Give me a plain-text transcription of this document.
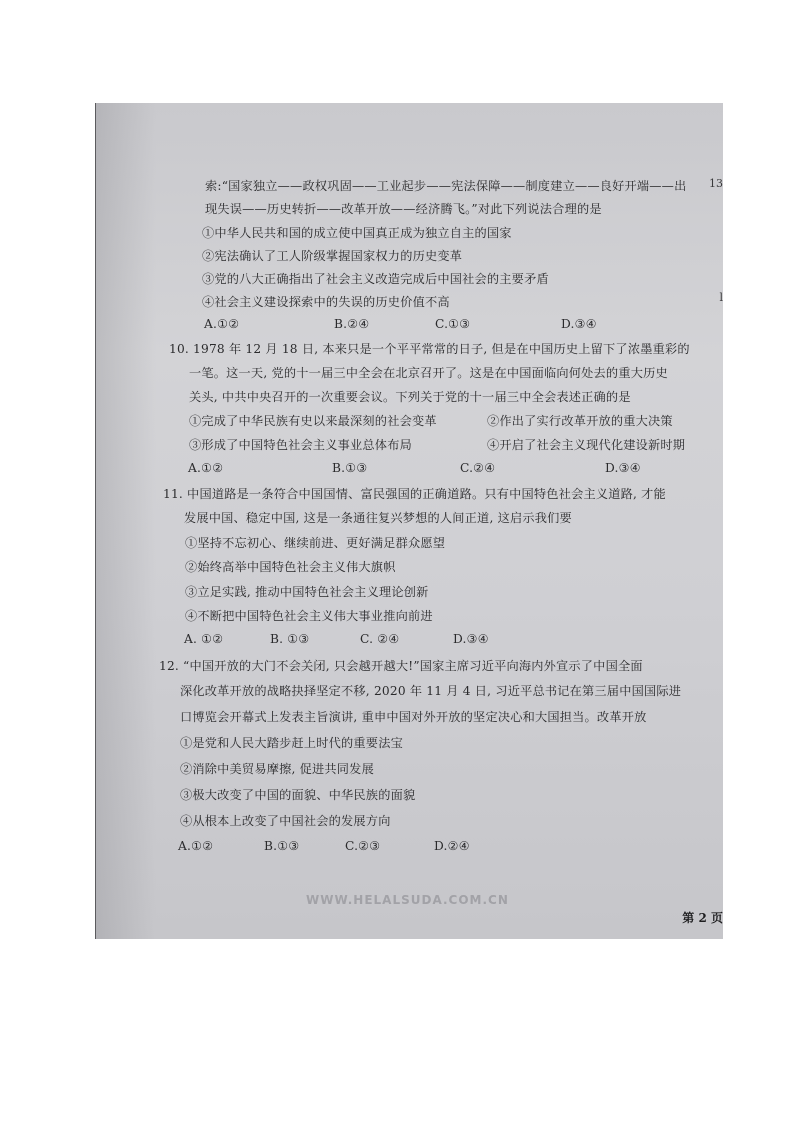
索:“国家独立——政权巩固——工业起步——宪法保障——制度建立——良好开端——出
现失误——历史转折——改革开放——经济腾飞。”对此下列说法合理的是
①中华人民共和国的成立使中国真正成为独立自主的国家
②宪法确认了工人阶级掌握国家权力的历史变革
③党的八大正确指出了社会主义改造完成后中国社会的主要矛盾
④社会主义建设探索中的失误的历史价值不高
A.①②	B.②④	C.①③	D.③④
10. 1978 年 12 月 18 日, 本来只是一个平平常常的日子, 但是在中国历史上留下了浓墨重彩的
一笔。这一天, 党的十一届三中全会在北京召开了。这是在中国面临向何处去的重大历史
关头, 中共中央召开的一次重要会议。下列关于党的十一届三中全会表述正确的是
①完成了中华民族有史以来最深刻的社会变革	②作出了实行改革开放的重大决策
③形成了中国特色社会主义事业总体布局	④开启了社会主义现代化建设新时期
A.①②	B.①③	C.②④	D.③④
11. 中国道路是一条符合中国国情、富民强国的正确道路。只有中国特色社会主义道路, 才能
发展中国、稳定中国, 这是一条通往复兴梦想的人间正道, 这启示我们要
①坚持不忘初心、继续前进、更好满足群众愿望
②始终高举中国特色社会主义伟大旗帜
③立足实践, 推动中国特色社会主义理论创新
④不断把中国特色社会主义伟大事业推向前进
A. ①②	B. ①③	C. ②④	D.③④
12. “中国开放的大门不会关闭, 只会越开越大!”国家主席习近平向海内外宣示了中国全面
深化改革开放的战略抉择坚定不移, 2020 年 11 月 4 日, 习近平总书记在第三届中国国际进
口博览会开幕式上发表主旨演讲, 重申中国对外开放的坚定决心和大国担当。改革开放
①是党和人民大踏步赶上时代的重要法宝
②消除中美贸易摩擦, 促进共同发展
③极大改变了中国的面貌、中华民族的面貌
④从根本上改变了中国社会的发展方向
A.①②	B.①③	C.②③	D.②④
13
l
WWW.HELALSUDA.COM.CN
第 2 页
